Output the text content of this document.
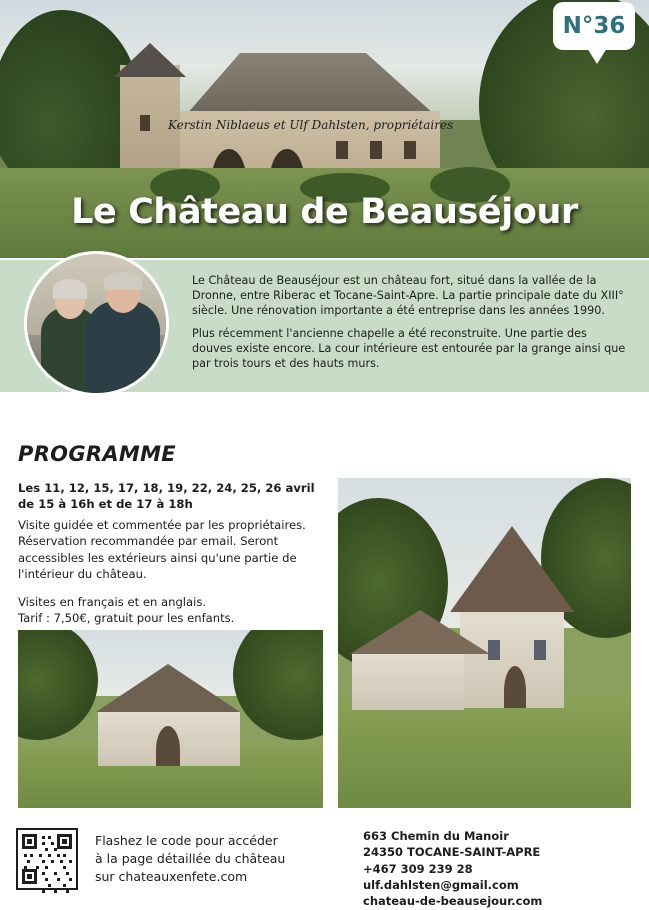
Le Château de Beauséjour
N°36

Le Château de Beauséjour est un château fort, situé dans la vallée de la Dronne, entre Riberac et Tocane-Saint-Apre. La partie principale date du XIII° siècle. Une rénovation importante a été entreprise dans les années 1990.

Plus récemment l'ancienne chapelle a été reconstruite. Une partie des douves existe encore. La cour intérieure est entourée par la grange ainsi que par trois tours et des hauts murs.

Kerstin Niblaeus et Ulf Dahlsten, propriétaires
PROGRAMME
Les 11, 12, 15, 17, 18, 19, 22, 24, 25, 26 avril de 15 à 16h et de 17 à 18h

Visite guidée et commentée par les propriétaires. Réservation recommandée par email. Seront accessibles les extérieurs ainsi qu'une partie de l'intérieur du château.

Visites en français et en anglais.

Tarif : 7,50€, gratuit pour les enfants.

Flashez le code pour accéder
à la page détaillée du château
sur chateauxenfete.com
663 Chemin du Manoir
24350 TOCANE-SAINT-APRE
+467 309 239 28
ulf.dahlsten@gmail.com
chateau-de-beausejour.com
